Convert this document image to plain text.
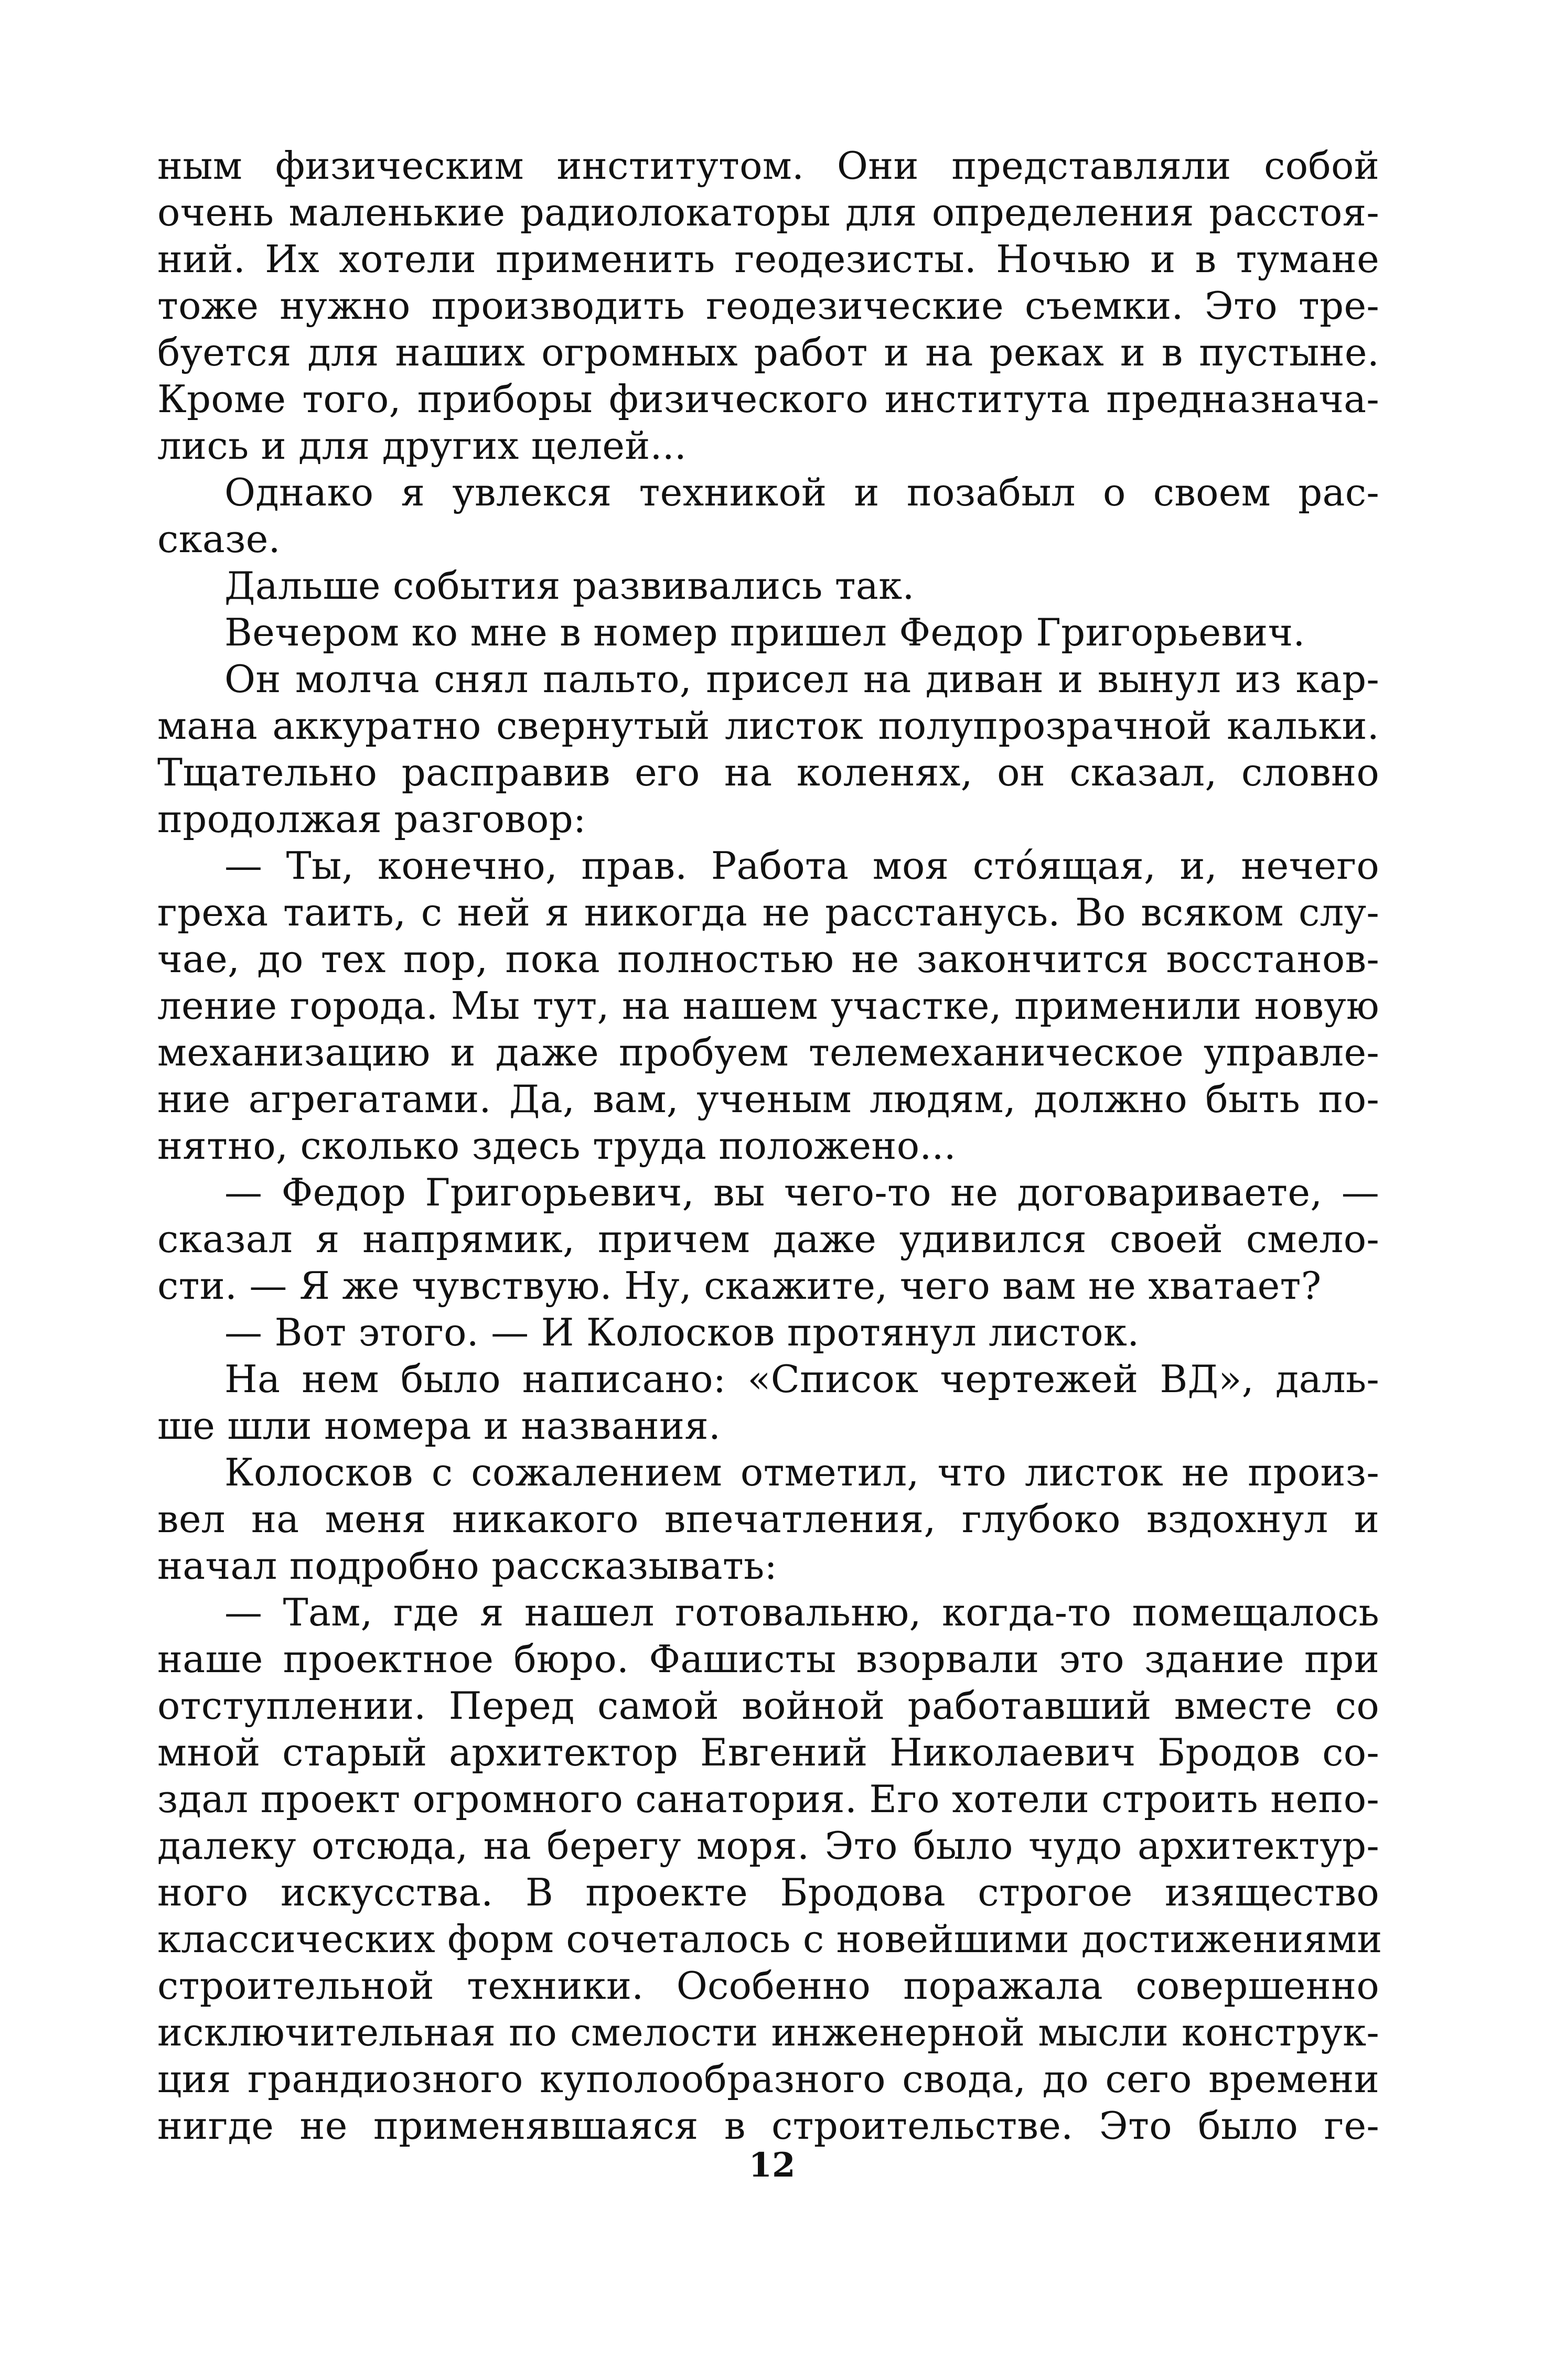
ным физическим институтом. Они представляли собой
очень маленькие радиолокаторы для определения расстоя-
ний. Их хотели применить геодезисты. Ночью и в тумане
тоже нужно производить геодезические съемки. Это тре-
буется для наших огромных работ и на реках и в пустыне.
Кроме того, приборы физического института предназнача-
лись и для других целей...
Однако я увлекся техникой и позабыл о своем рас-
сказе.
Дальше события развивались так.
Вечером ко мне в номер пришел Федор Григорьевич.
Он молча снял пальто, присел на диван и вынул из кар-
мана аккуратно свернутый листок полупрозрачной кальки.
Тщательно расправив его на коленях, он сказал, словно
продолжая разговор:
— Ты, конечно, прав. Работа моя стóящая, и, нечего
греха таить, с ней я никогда не расстанусь. Во всяком слу-
чае, до тех пор, пока полностью не закончится восстанов-
ление города. Мы тут, на нашем участке, применили новую
механизацию и даже пробуем телемеханическое управле-
ние агрегатами. Да, вам, ученым людям, должно быть по-
нятно, сколько здесь труда положено...
— Федор Григорьевич, вы чего-то не договариваете, —
сказал я напрямик, причем даже удивился своей смело-
сти. — Я же чувствую. Ну, скажите, чего вам не хватает?
— Вот этого. — И Колосков протянул листок.
На нем было написано: «Список чертежей ВД», даль-
ше шли номера и названия.
Колосков с сожалением отметил, что листок не произ-
вел на меня никакого впечатления, глубоко вздохнул и
начал подробно рассказывать:
— Там, где я нашел готовальню, когда-то помещалось
наше проектное бюро. Фашисты взорвали это здание при
отступлении. Перед самой войной работавший вместе со
мной старый архитектор Евгений Николаевич Бродов со-
здал проект огромного санатория. Его хотели строить непо-
далеку отсюда, на берегу моря. Это было чудо архитектур-
ного искусства. В проекте Бродова строгое изящество
классических форм сочеталось с новейшими достижениями
строительной техники. Особенно поражала совершенно
исключительная по смелости инженерной мысли конструк-
ция грандиозного куполообразного свода, до сего времени
нигде не применявшаяся в строительстве. Это было ге-
12
